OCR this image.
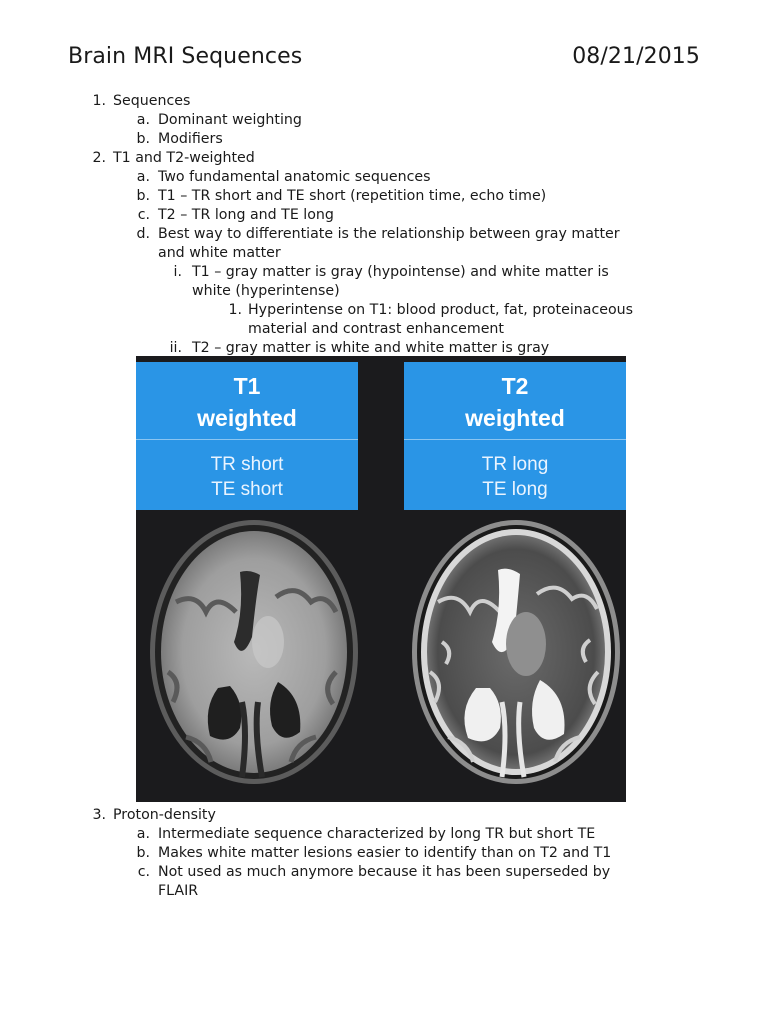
Brain MRI Sequences	08/21/2015
1. Sequences
a. Dominant weighting
b. Modifiers
2. T1 and T2-weighted
a. Two fundamental anatomic sequences
b. T1 – TR short and TE short (repetition time, echo time)
c. T2 – TR long and TE long
d. Best way to differentiate is the relationship between gray matter
and white matter
i. T1 – gray matter is gray (hypointense) and white matter is
white (hyperintense)
1. Hyperintense on T1: blood product, fat, proteinaceous
material and contrast enhancement
ii. T2 – gray matter is white and white matter is gray
T1
weighted
TR short
TE short
T2
weighted
TR long
TE long
3. Proton-density
a. Intermediate sequence characterized by long TR but short TE
b. Makes white matter lesions easier to identify than on T2 and T1
c. Not used as much anymore because it has been superseded by
FLAIR
